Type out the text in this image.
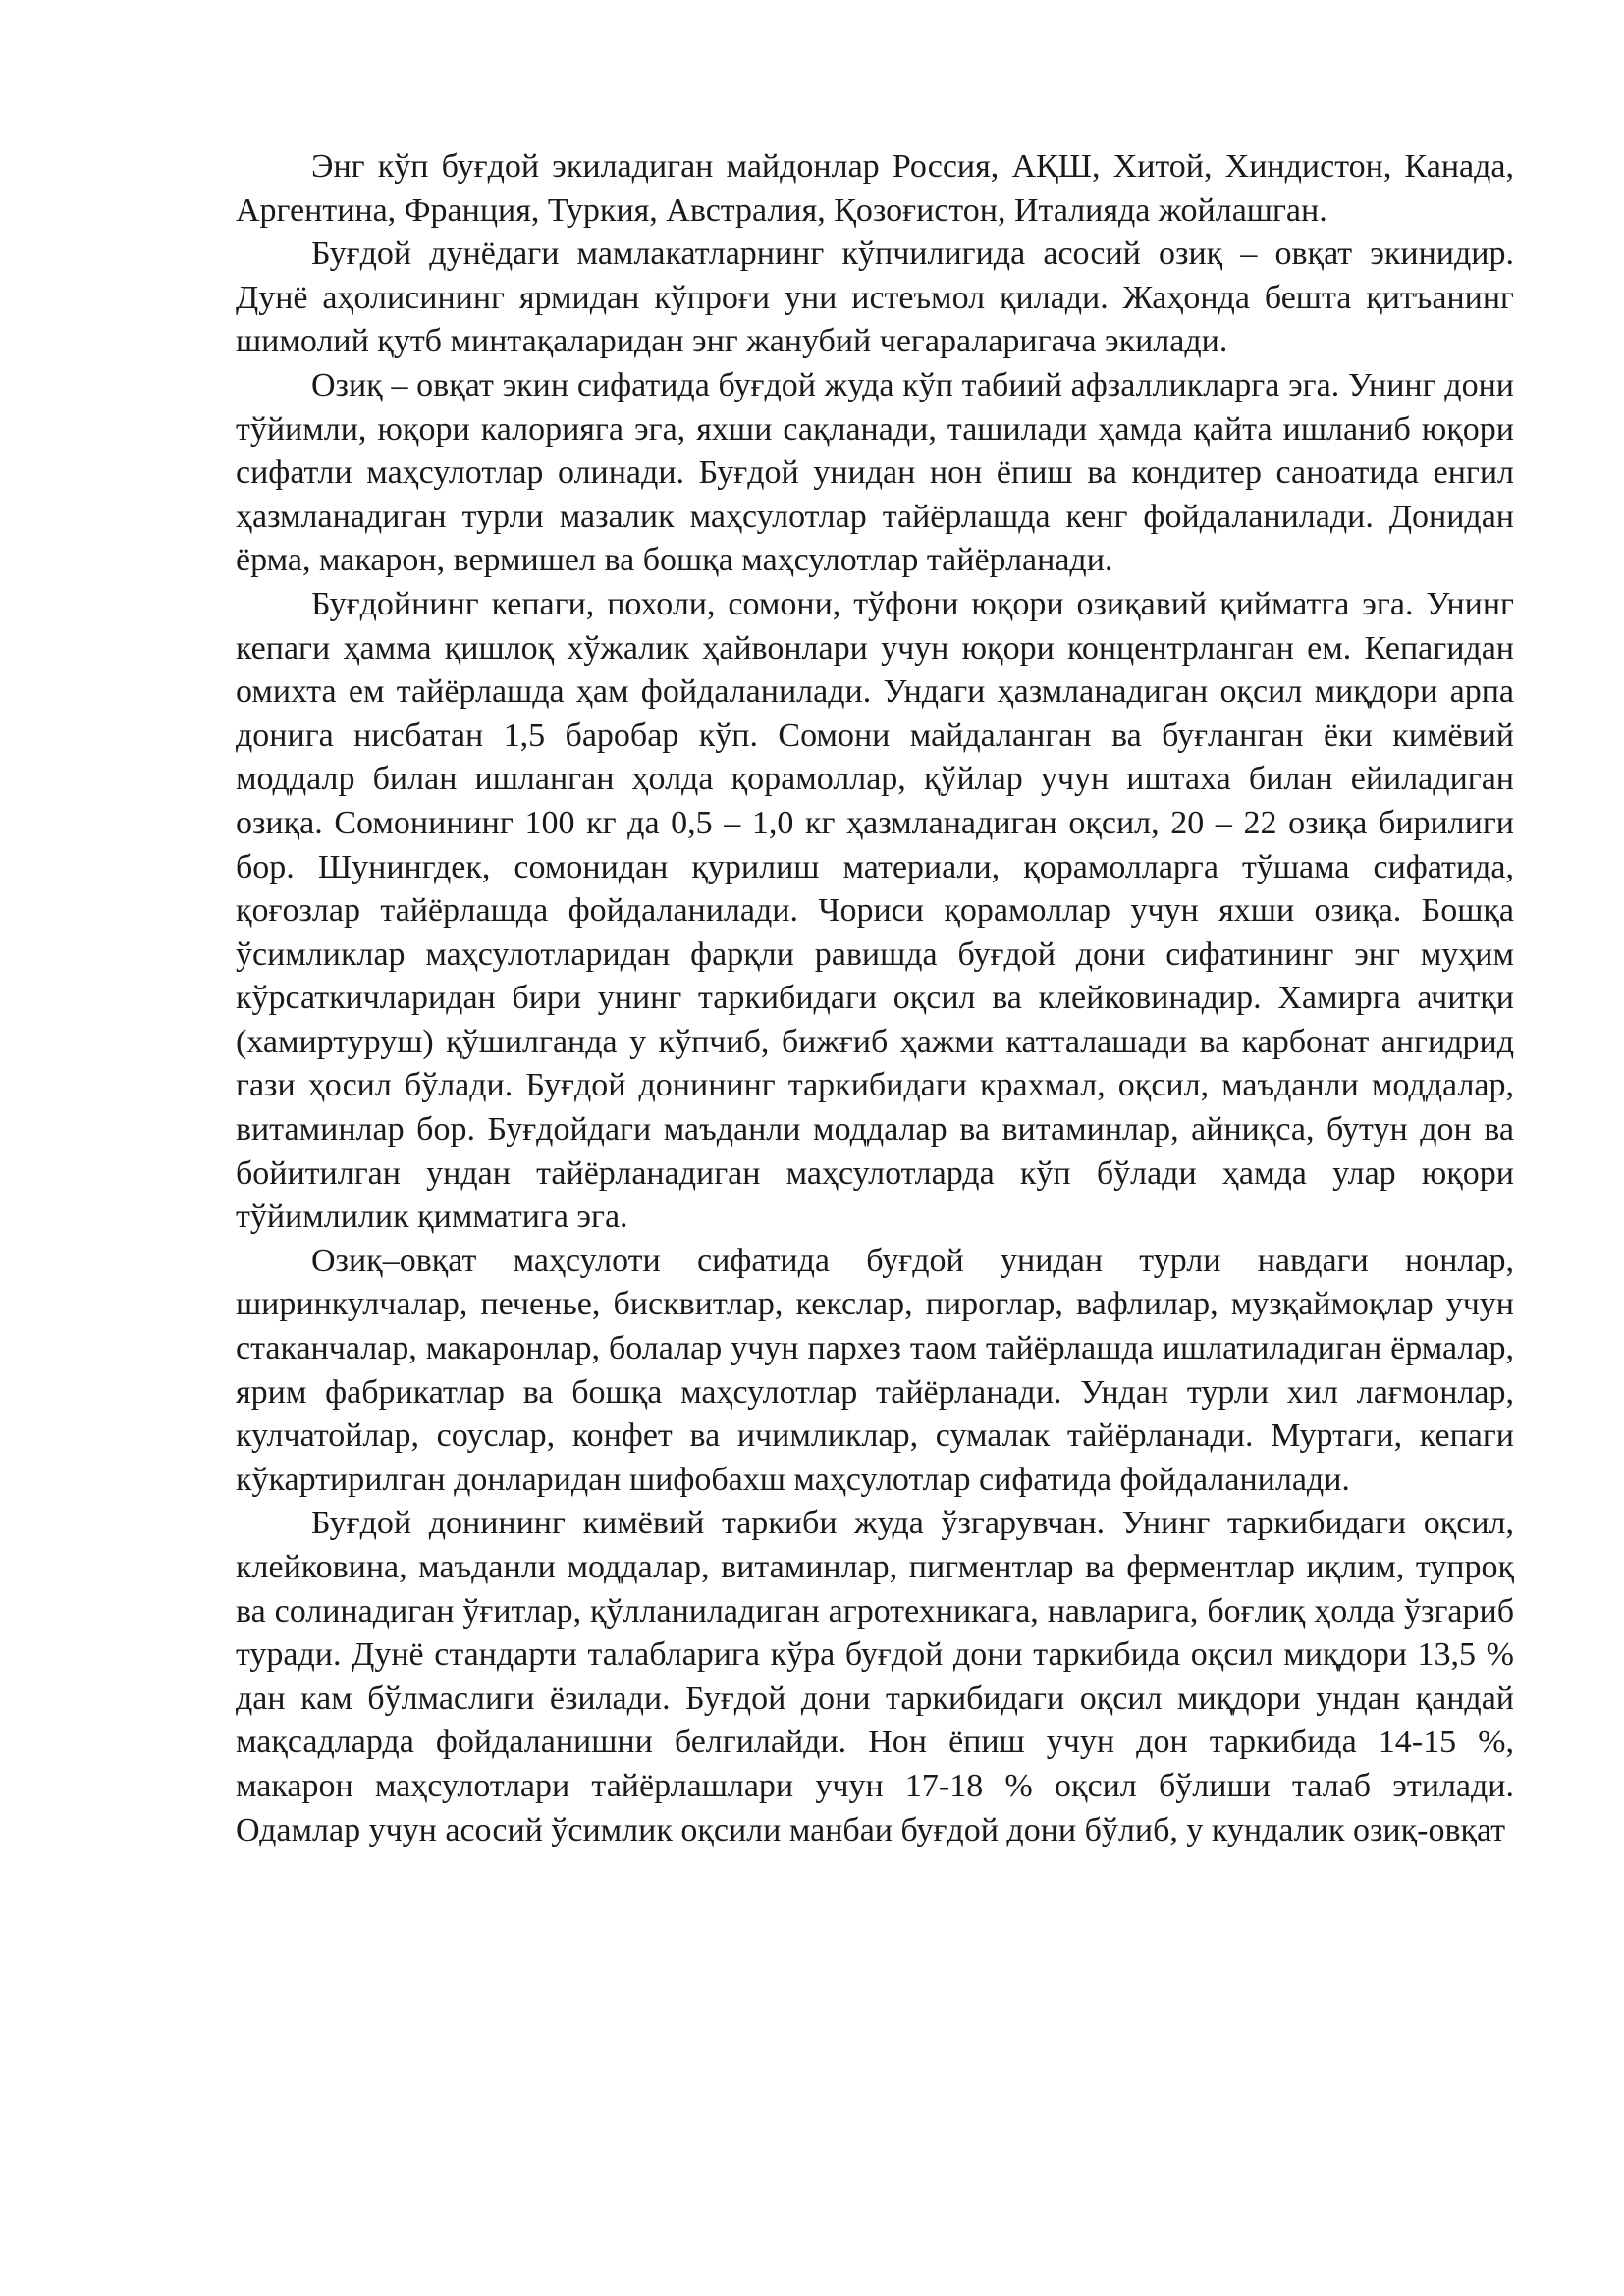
Энг кўп буғдой экиладиган майдонлар Россия, АҚШ, Хитой, Хиндистон, Канада, Аргентина, Франция, Туркия, Австралия, Қозоғистон, Италияда жойлашган.

Буғдой дунёдаги мамлакатларнинг кўпчилигида асосий озиқ – овқат экинидир. Дунё аҳолисининг ярмидан кўпроғи уни истеъмол қилади. Жаҳонда бешта қитъанинг шимолий қутб минтақаларидан энг жанубий чегараларигача экилади.

Озиқ – овқат экин сифатида буғдой жуда кўп табиий афзалликларга эга. Унинг дони тўйимли, юқори калорияга эга, яхши сақланади, ташилади ҳамда қайта ишланиб юқори сифатли маҳсулотлар олинади. Буғдой унидан нон ёпиш ва кондитер саноатида енгил ҳазмланадиган турли мазалик маҳсулотлар тайёрлашда кенг фойдаланилади. Донидан ёрма, макарон, вермишел ва бошқа маҳсулотлар тайёрланади.

Буғдойнинг кепаги, похоли, сомони, тўфони юқори озиқавий қийматга эга. Унинг кепаги ҳамма қишлоқ хўжалик ҳайвонлари учун юқори концентрланган ем. Кепагидан омихта ем тайёрлашда ҳам фойдаланилади. Ундаги ҳазмланадиган оқсил миқдори арпа донига нисбатан 1,5 баробар кўп. Сомони майдаланган ва буғланган ёки кимёвий моддалр билан ишланган ҳолда қорамоллар, қўйлар учун иштаха билан ейиладиган озиқа. Сомонининг 100 кг да 0,5 – 1,0 кг ҳазмланадиган оқсил, 20 – 22 озиқа бирилиги бор. Шунингдек, сомонидан қурилиш материали, қорамолларга тўшама сифатида, қоғозлар тайёрлашда фойдаланилади. Чориси қорамоллар учун яхши озиқа. Бошқа ўсимликлар маҳсулотларидан фарқли равишда буғдой дони сифатининг энг муҳим кўрсаткичларидан бири унинг таркибидаги оқсил ва клейковинадир. Хамирга ачитқи (хамиртуруш) қўшилганда у кўпчиб, бижғиб ҳажми катталашади ва карбонат ангидрид гази ҳосил бўлади. Буғдой донининг таркибидаги крахмал, оқсил, маъданли моддалар, витаминлар бор. Буғдойдаги маъданли моддалар ва витаминлар, айниқса, бутун дон ва бойитилган ундан тайёрланадиган маҳсулотларда кўп бўлади ҳамда улар юқори тўйимлилик қимматига эга.

Озиқ–овқат маҳсулоти сифатида буғдой унидан турли навдаги нонлар, ширинкулчалар, печенье, бисквитлар, кекслар, пироглар, вафлилар, музқаймоқлар учун стаканчалар, макаронлар, болалар учун пархез таом тайёрлашда ишлатиладиган ёрмалар, ярим фабрикатлар ва бошқа маҳсулотлар тайёрланади. Ундан турли хил лағмонлар, кулчатойлар, соуслар, конфет ва ичимликлар, сумалак тайёрланади. Муртаги, кепаги кўкартирилган донларидан шифобахш маҳсулотлар сифатида фойдаланилади.

Буғдой донининг кимёвий таркиби жуда ўзгарувчан. Унинг таркибидаги оқсил, клейковина, маъданли моддалар, витаминлар, пигментлар ва ферментлар иқлим, тупроқ ва солинадиган ўғитлар, қўлланиладиган агротехникага, навларига, боғлиқ ҳолда ўзгариб туради. Дунё стандарти талабларига кўра буғдой дони таркибида оқсил миқдори 13,5 % дан кам бўлмаслиги ёзилади. Буғдой дони таркибидаги оқсил миқдори ундан қандай мақсадларда фойдаланишни белгилайди. Нон ёпиш учун дон таркибида 14-15 %, макарон маҳсулотлари тайёрлашлари учун 17-18 % оқсил бўлиши талаб этилади. Одамлар учун асосий ўсимлик оқсили манбаи буғдой дони бўлиб, у кундалик озиқ-овқат
